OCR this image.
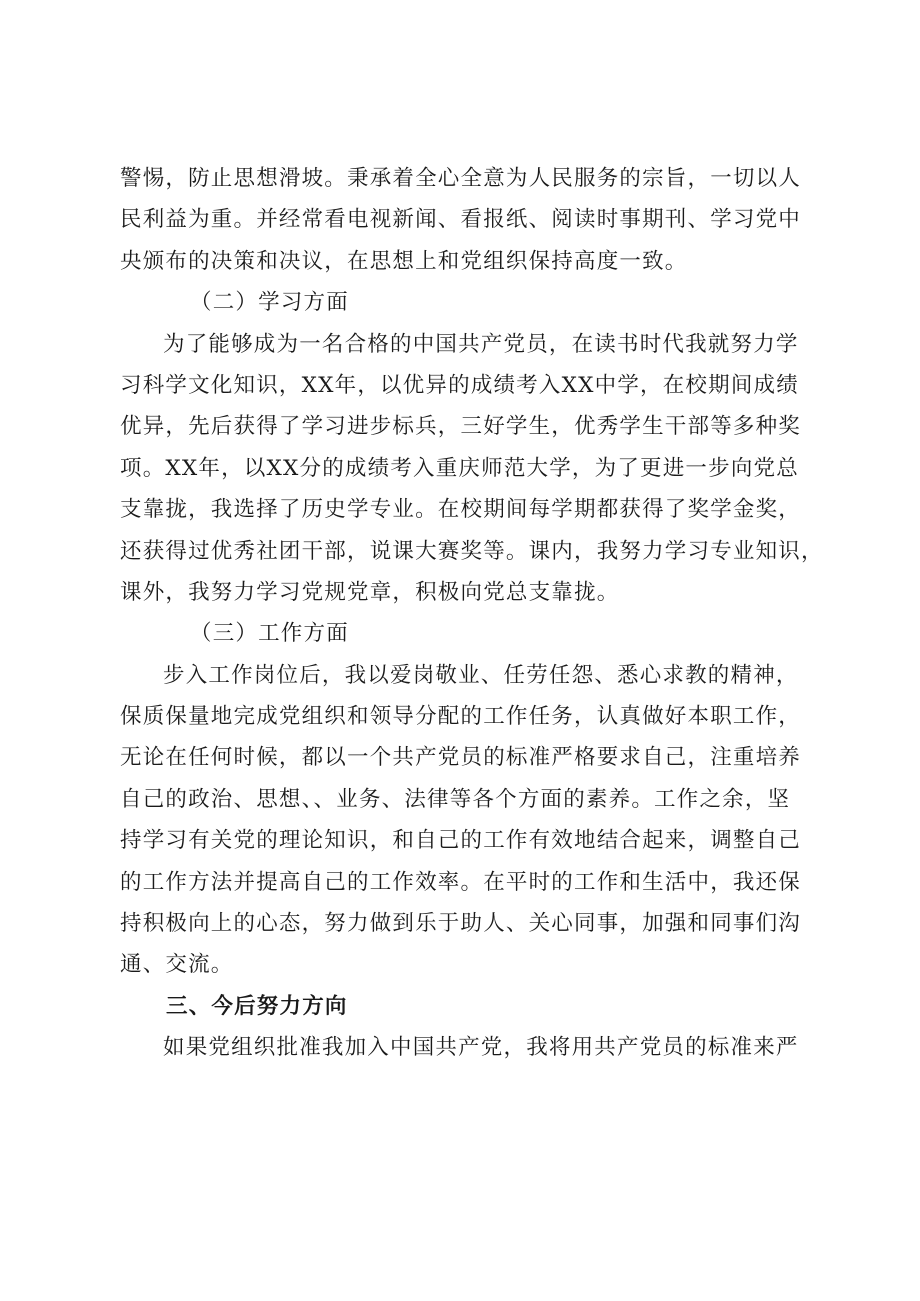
警惕，防止思想滑坡。秉承着全心全意为人民服务的宗旨，一切以人
民利益为重。并经常看电视新闻、看报纸、阅读时事期刊、学习党中
央颁布的决策和决议，在思想上和党组织保持高度一致。
（二）学习方面
为了能够成为一名合格的中国共产党员，在读书时代我就努力学
习科学文化知识，XX年，以优异的成绩考入XX中学，在校期间成绩
优异，先后获得了学习进步标兵，三好学生，优秀学生干部等多种奖
项。XX年，以XX分的成绩考入重庆师范大学，为了更进一步向党总
支靠拢，我选择了历史学专业。在校期间每学期都获得了奖学金奖，
还获得过优秀社团干部，说课大赛奖等。课内，我努力学习专业知识，
课外，我努力学习党规党章，积极向党总支靠拢。
（三）工作方面
步入工作岗位后，我以爱岗敬业、任劳任怨、悉心求教的精神，
保质保量地完成党组织和领导分配的工作任务，认真做好本职工作，
无论在任何时候，都以一个共产党员的标准严格要求自己，注重培养
自己的政治、思想、、业务、法律等各个方面的素养。工作之余，坚
持学习有关党的理论知识，和自己的工作有效地结合起来，调整自己
的工作方法并提高自己的工作效率。在平时的工作和生活中，我还保
持积极向上的心态，努力做到乐于助人、关心同事，加强和同事们沟
通、交流。
三、今后努力方向
如果党组织批准我加入中国共产党，我将用共产党员的标准来严
